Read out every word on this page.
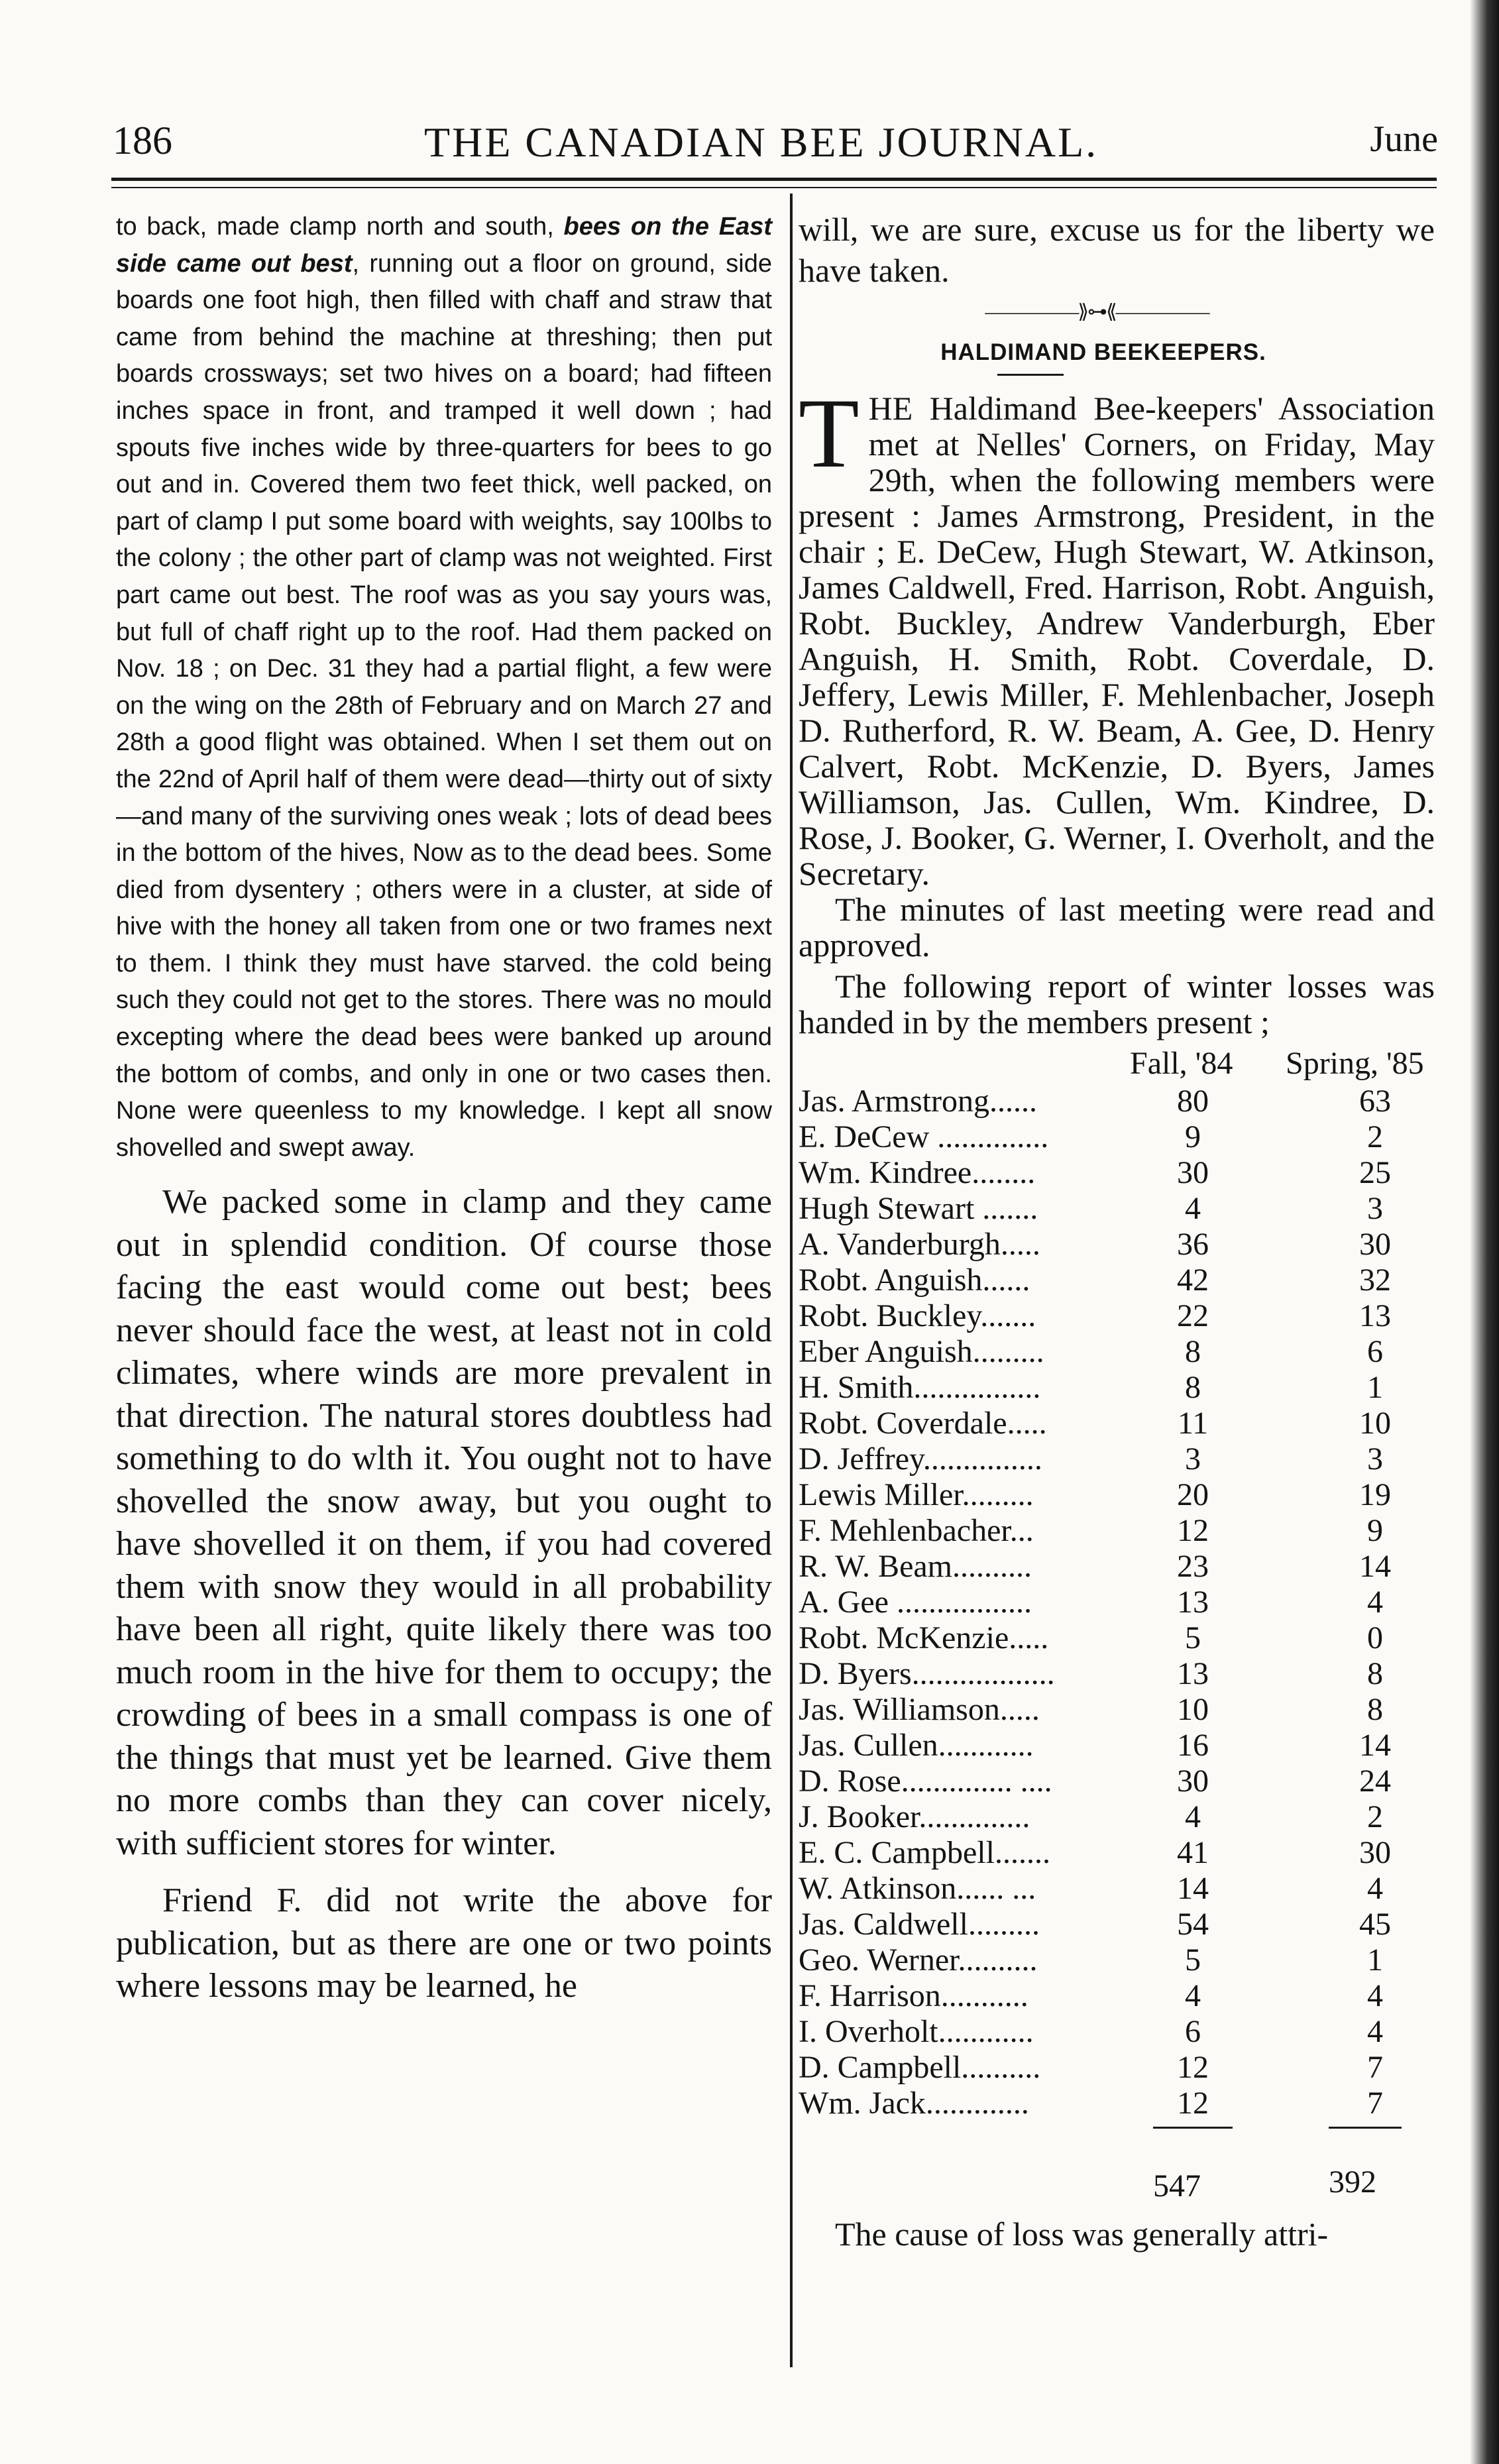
186	THE CANADIAN BEE JOURNAL.	June

to back, made clamp north and south, bees on the East side came out best, running out a floor on ground, side boards one foot high, then filled with chaff and straw that came from behind the machine at threshing; then put boards crossways; set two hives on a board; had fifteen inches space in front, and tramped it well down ; had spouts five inches wide by three-quarters for bees to go out and in. Covered them two feet thick, well packed, on part of clamp I put some board with weights, say 100lbs to the colony ; the other part of clamp was not weighted. First part came out best. The roof was as you say yours was, but full of chaff right up to the roof. Had them packed on Nov. 18 ; on Dec. 31 they had a partial flight, a few were on the wing on the 28th of February and on March 27 and 28th a good flight was obtained. When I set them out on the 22nd of April half of them were dead—thirty out of sixty—and many of the surviving ones weak ; lots of dead bees in the bottom of the hives, Now as to the dead bees. Some died from dysentery ; others were in a cluster, at side of hive with the honey all taken from one or two frames next to them. I think they must have starved. the cold being such they could not get to the stores. There was no mould excepting where the dead bees were banked up around the bottom of combs, and only in one or two cases then. None were queenless to my knowledge. I kept all snow shovelled and swept away.

We packed some in clamp and they came out in splendid condition. Of course those facing the east would come out best; bees never should face the west, at least not in cold climates, where winds are more prevalent in that direction. The natural stores doubtless had something to do wlth it. You ought not to have shovelled the snow away, but you ought to have shovelled it on them, if you had covered them with snow they would in all probability have been all right, quite likely there was too much room in the hive for them to occupy; the crowding of bees in a small compass is one of the things that must yet be learned. Give them no more combs than they can cover nicely, with sufficient stores for winter.

Friend F. did not write the above for publication, but as there are one or two points where lessons may be learned, he

will, we are sure, excuse us for the liberty we have taken.

—————⟫⊶⟪—————
HALDIMAND BEEKEEPERS.

THE Haldimand Bee-keepers' Association met at Nelles' Corners, on Friday, May 29th, when the following members were present : James Armstrong, President, in the chair ; E. DeCew, Hugh Stewart, W. Atkinson, James Caldwell, Fred. Harrison, Robt. Anguish, Robt. Buckley, Andrew Vanderburgh, Eber Anguish, H. Smith, Robt. Coverdale, D. Jeffery, Lewis Miller, F. Mehlenbacher, Joseph D. Rutherford, R. W. Beam, A. Gee, D. Henry Calvert, Robt. McKenzie, D. Byers, James Williamson, Jas. Cullen, Wm. Kindree, D. Rose, J. Booker, G. Werner, I. Overholt, and the Secretary.

The minutes of last meeting were read and approved.

The following report of winter losses was handed in by the members present ;

Fall, '84 Spring, '85
Jas. Armstrong......	80	63
E. DeCew ..............	9	2
Wm. Kindree........	30	25
Hugh Stewart .......	4	3
A. Vanderburgh.....	36	30
Robt. Anguish......	42	32
Robt. Buckley.......	22	13
Eber Anguish.........	8	6
H. Smith................	8	1
Robt. Coverdale.....	11	10
D. Jeffrey...............	3	3
Lewis Miller.........	20	19
F. Mehlenbacher...	12	9
R. W. Beam..........	23	14
A. Gee .................	13	4
Robt. McKenzie.....	5	0
D. Byers..................	13	8
Jas. Williamson.....	10	8
Jas. Cullen............	16	14
D. Rose.............. ....	30	24
J. Booker..............	4	2
E. C. Campbell.......	41	30
W. Atkinson...... ...	14	4
Jas. Caldwell.........	54	45
Geo. Werner..........	5	1
F. Harrison...........	4	4
I. Overholt............	6	4
D. Campbell..........	12	7
Wm. Jack.............	12	7
547	392

The cause of loss was generally attri-
